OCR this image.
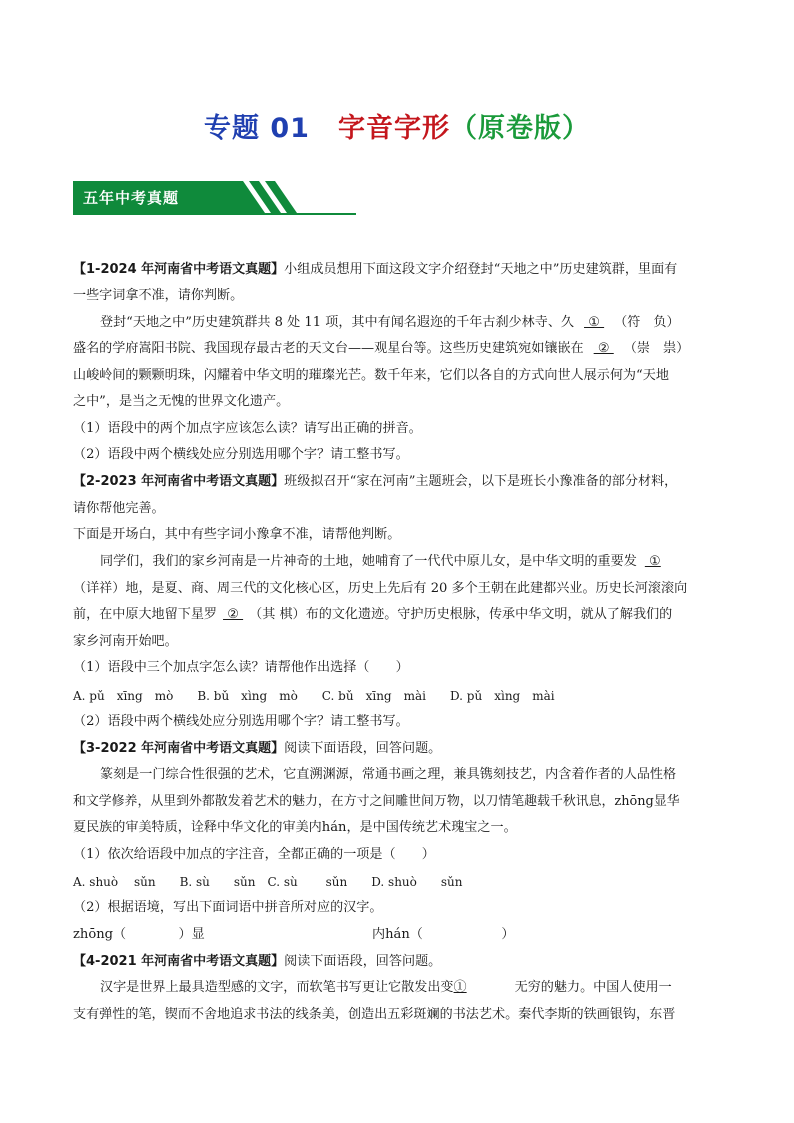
专题 01 字音字形（原卷版）
五年中考真题
【1-2024 年河南省中考语文真题】小组成员想用下面这段文字介绍登封“天地之中”历史建筑群，里面有
一些字词拿不准，请你判断。
登封“天地之中”历史建筑群共 8 处 11 项，其中有闻名遐迩的千年古刹少林寺、久 ① （符　负）
盛名的学府嵩阳书院、我国现存最古老的天文台——观星台等。这些历史建筑宛如镶嵌在 ② （崇　祟）
山峻岭间的颗颗明珠，闪耀着中华文明的璀璨光芒。数千年来，它们以各自的方式向世人展示何为“天地
之中”，是当之无愧的世界文化遗产。
（1）语段中的两个加点字应该怎么读？请写出正确的拼音。
（2）语段中两个横线处应分别选用哪个字？请工整书写。
【2-2023 年河南省中考语文真题】班级拟召开“家在河南”主题班会，以下是班长小豫准备的部分材料，
请你帮他完善。
下面是开场白，其中有些字词小豫拿不准，请帮他判断。
同学们，我们的家乡河南是一片神奇的土地，她哺育了一代代中原儿女，是中华文明的重要发 ①
（详祥）地，是夏、商、周三代的文化核心区，历史上先后有 20 多个王朝在此建都兴业。历史长河滚滚向
前，在中原大地留下星罗 ② （其 棋）布的文化遗迹。守护历史根脉，传承中华文明，就从了解我们的
家乡河南开始吧。
（1）语段中三个加点字怎么读？请帮他作出选择（　　）
A. pǔ　xīng　mò　　B. bǔ　xìng　mò　　C. bǔ　xīng　mài　　D. pǔ　xìng　mài
（2）语段中两个横线处应分别选用哪个字？请工整书写。
【3-2022 年河南省中考语文真题】阅读下面语段，回答问题。
篆刻是一门综合性很强的艺术，它直溯渊源，常通书画之理，兼具镌刻技艺，内含着作者的人品性格
和文学修养，从里到外都散发着艺术的魅力，在方寸之间雕世间万物，以刀情笔趣载千秋讯息，zhōng显华
夏民族的审美特质，诠释中华文化的审美内hán，是中国传统艺术瑰宝之一。
（1）依次给语段中加点的字注音，全都正确的一项是（　　）
A. shuò　 sǔn　　B. sù　　sǔn　C. sù　　 sǔn　　D. shuò　　sǔn
（2）根据语境，写出下面词语中拼音所对应的汉字。
zhōng（　　　　）显	内hán（　　　　　　）
【4-2021 年河南省中考语文真题】阅读下面语段，回答问题。
汉字是世界上最具造型感的文字，而软笔书写更让它散发出变①	无穷的魅力。中国人使用一
支有弹性的笔，锲而不舍地追求书法的线条美，创造出五彩斑斓的书法艺术。秦代李斯的铁画银钩，东晋
